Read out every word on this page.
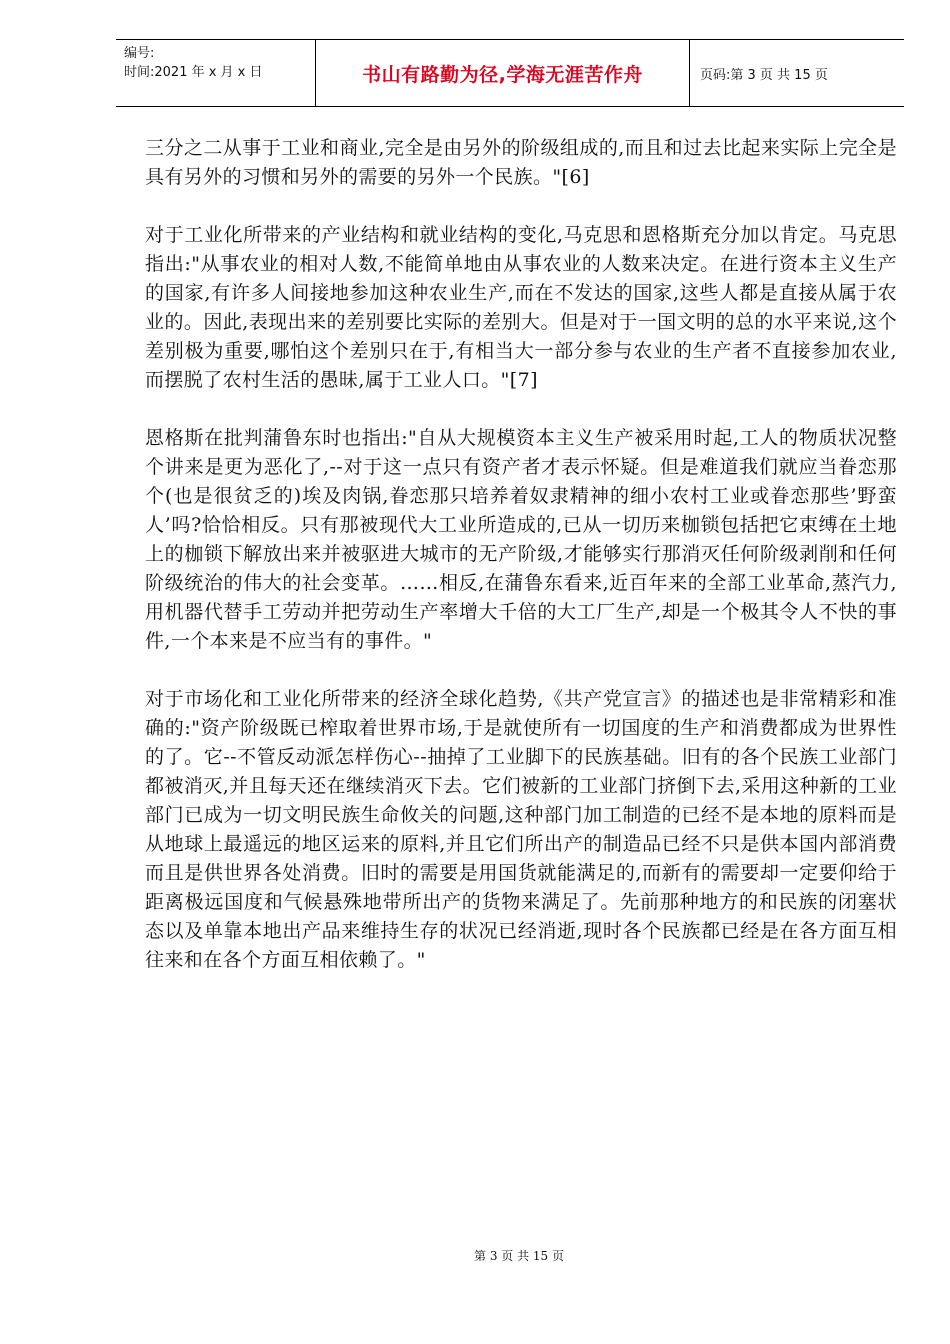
编号:
时间:2021 年 x 月 x 日	书山有路勤为径,学海无涯苦作舟	页码:第 3 页 共 15 页

三分之二从事于工业和商业,完全是由另外的阶级组成的,而且和过去比起来实际上完全是具有另外的习惯和另外的需要的另外一个民族。"[6]

对于工业化所带来的产业结构和就业结构的变化,马克思和恩格斯充分加以肯定。马克思指出:"从事农业的相对人数,不能简单地由从事农业的人数来决定。在进行资本主义生产的国家,有许多人间接地参加这种农业生产,而在不发达的国家,这些人都是直接从属于农业的。因此,表现出来的差别要比实际的差别大。但是对于一国文明的总的水平来说,这个差别极为重要,哪怕这个差别只在于,有相当大一部分参与农业的生产者不直接参加农业,而摆脱了农村生活的愚昧,属于工业人口。"[7]

恩格斯在批判蒲鲁东时也指出:"自从大规模资本主义生产被采用时起,工人的物质状况整个讲来是更为恶化了,--对于这一点只有资产者才表示怀疑。但是难道我们就应当眷恋那个(也是很贫乏的)埃及肉锅,眷恋那只培养着奴隶精神的细小农村工业或眷恋那些’野蛮人’吗?恰恰相反。只有那被现代大工业所造成的,已从一切历来枷锁包括把它束缚在土地上的枷锁下解放出来并被驱进大城市的无产阶级,才能够实行那消灭任何阶级剥削和任何阶级统治的伟大的社会变革。……相反,在蒲鲁东看来,近百年来的全部工业革命,蒸汽力,用机器代替手工劳动并把劳动生产率增大千倍的大工厂生产,却是一个极其令人不快的事件,一个本来是不应当有的事件。"

对于市场化和工业化所带来的经济全球化趋势,《共产党宣言》的描述也是非常精彩和准确的:"资产阶级既已榨取着世界市场,于是就使所有一切国度的生产和消费都成为世界性的了。它--不管反动派怎样伤心--抽掉了工业脚下的民族基础。旧有的各个民族工业部门都被消灭,并且每天还在继续消灭下去。它们被新的工业部门挤倒下去,采用这种新的工业部门已成为一切文明民族生命攸关的问题,这种部门加工制造的已经不是本地的原料而是从地球上最遥远的地区运来的原料,并且它们所出产的制造品已经不只是供本国内部消费而且是供世界各处消费。旧时的需要是用国货就能满足的,而新有的需要却一定要仰给于距离极远国度和气候悬殊地带所出产的货物来满足了。先前那种地方的和民族的闭塞状态以及单靠本地出产品来维持生存的状况已经消逝,现时各个民族都已经是在各方面互相往来和在各个方面互相依赖了。"

第 3 页 共 15 页
